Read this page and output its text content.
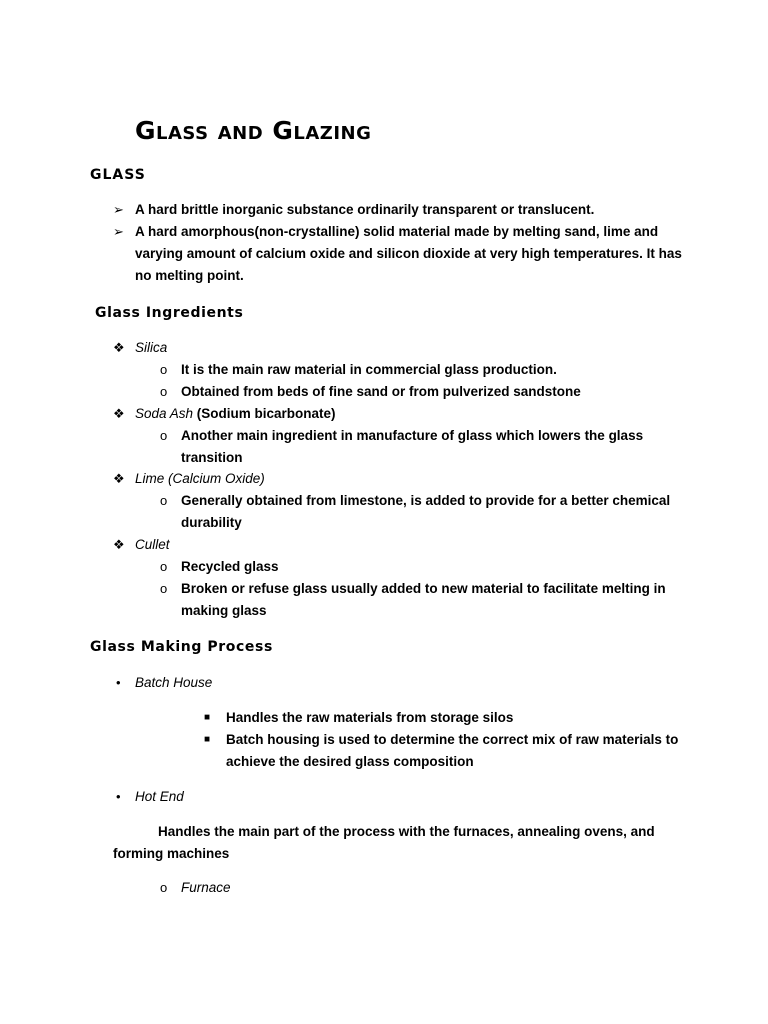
Glass and Glazing
GLASS
➢ A hard brittle inorganic substance ordinarily transparent or translucent.
➢ A hard amorphous(non-crystalline) solid material made by melting sand, lime and
varying amount of calcium oxide and silicon dioxide at very high temperatures. It has
no melting point.
Glass Ingredients
❖ Silica
o It is the main raw material in commercial glass production.
o Obtained from beds of fine sand or from pulverized sandstone
❖ Soda Ash (Sodium bicarbonate)
o Another main ingredient in manufacture of glass which lowers the glass
transition
❖ Lime (Calcium Oxide)
o Generally obtained from limestone, is added to provide for a better chemical
durability
❖ Cullet
o Recycled glass
o Broken or refuse glass usually added to new material to facilitate melting in
making glass
Glass Making Process
• Batch House
■ Handles the raw materials from storage silos
■ Batch housing is used to determine the correct mix of raw materials to
achieve the desired glass composition
• Hot End
Handles the main part of the process with the furnaces, annealing ovens, and
forming machines
o Furnace
